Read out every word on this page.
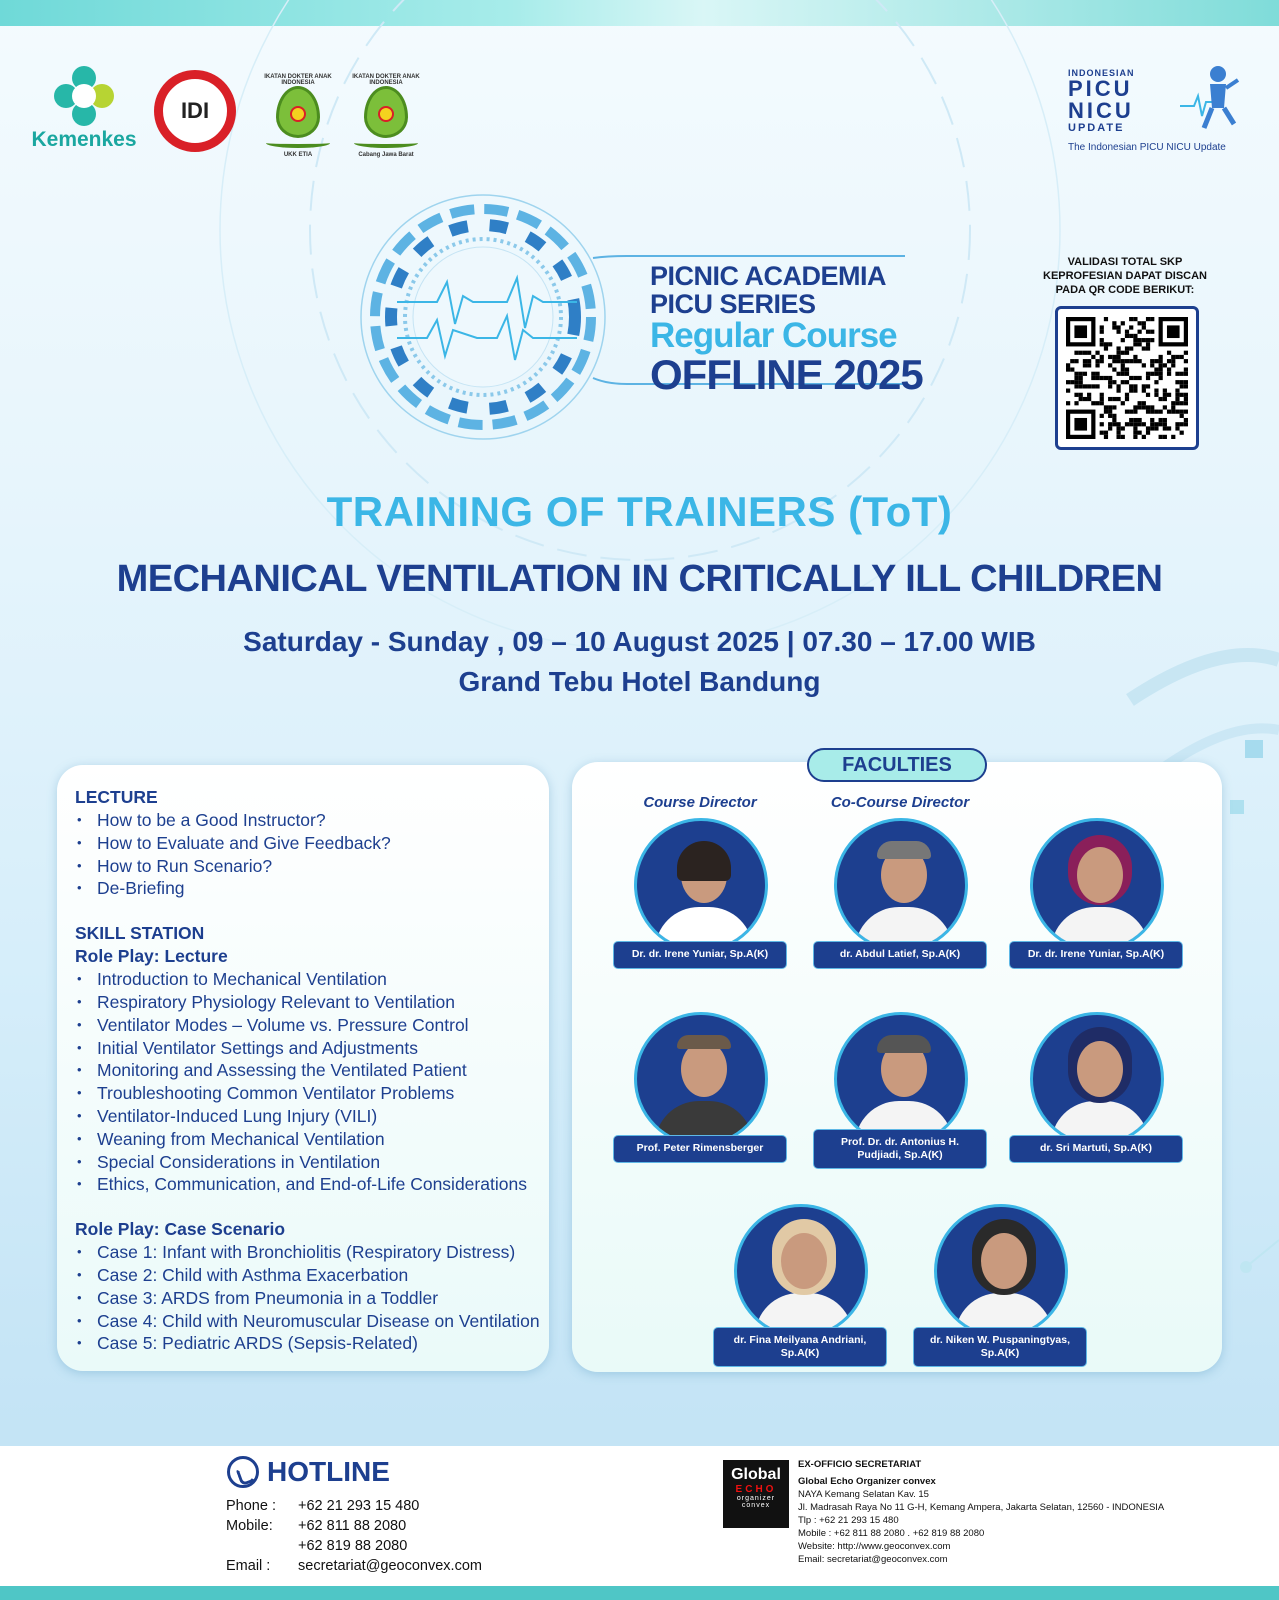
Kemenkes
IDI
IKATAN DOKTER ANAK INDONESIA
UKK ETIA
IKATAN DOKTER ANAK INDONESIA
Cabang Jawa Barat
INDONESIAN
PICU
NICU
UPDATE
The Indonesian PICU NICU Update
PICNIC ACADEMIA
PICU SERIES
Regular Course
OFFLINE 2025
VALIDASI TOTAL SKP KEPROFESIAN DAPAT DISCAN PADA QR CODE BERIKUT:
TRAINING OF TRAINERS (ToT)
MECHANICAL VENTILATION IN CRITICALLY ILL CHILDREN
Saturday - Sunday , 09 – 10 August 2025 | 07.30 – 17.00 WIB
Grand Tebu Hotel Bandung
LECTURE
• How to be a Good Instructor?
• How to Evaluate and Give Feedback?
• How to Run Scenario?
• De-Briefing
SKILL STATION
Role Play: Lecture
• Introduction to Mechanical Ventilation
• Respiratory Physiology Relevant to Ventilation
• Ventilator Modes – Volume vs. Pressure Control
• Initial Ventilator Settings and Adjustments
• Monitoring and Assessing the Ventilated Patient
• Troubleshooting Common Ventilator Problems
• Ventilator-Induced Lung Injury (VILI)
• Weaning from Mechanical Ventilation
• Special Considerations in Ventilation
• Ethics, Communication, and End-of-Life Considerations
Role Play: Case Scenario
• Case 1: Infant with Bronchiolitis (Respiratory Distress)
• Case 2: Child with Asthma Exacerbation
• Case 3: ARDS from Pneumonia in a Toddler
• Case 4: Child with Neuromuscular Disease on Ventilation
• Case 5: Pediatric ARDS (Sepsis-Related)
FACULTIES
Course Director	Co-Course Director
Dr. dr. Irene Yuniar, Sp.A(K)	dr. Abdul Latief, Sp.A(K)	Dr. dr. Irene Yuniar, Sp.A(K)
Prof. Peter Rimensberger	Prof. Dr. dr. Antonius H. Pudjiadi, Sp.A(K)
dr. Sri Martuti, Sp.A(K)
dr. Fina Meilyana Andriani, Sp.A(K)
dr. Niken W. Puspaningtyas, Sp.A(K)
HOTLINE
Phone :	+62 21 293 15 480
Mobile:	+62 811 88 2080
+62 819 88 2080
Email :	secretariat@geoconvex.com
Global
ECHO
organizer convex
EX-OFFICIO SECRETARIAT
Global Echo Organizer convex
NAYA Kemang Selatan Kav. 15
Jl. Madrasah Raya No 11 G-H, Kemang Ampera, Jakarta Selatan, 12560 - INDONESIA
Tlp : +62 21 293 15 480
Mobile : +62 811 88 2080 . +62 819 88 2080
Website: http://www.geoconvex.com
Email: secretariat@geoconvex.com
